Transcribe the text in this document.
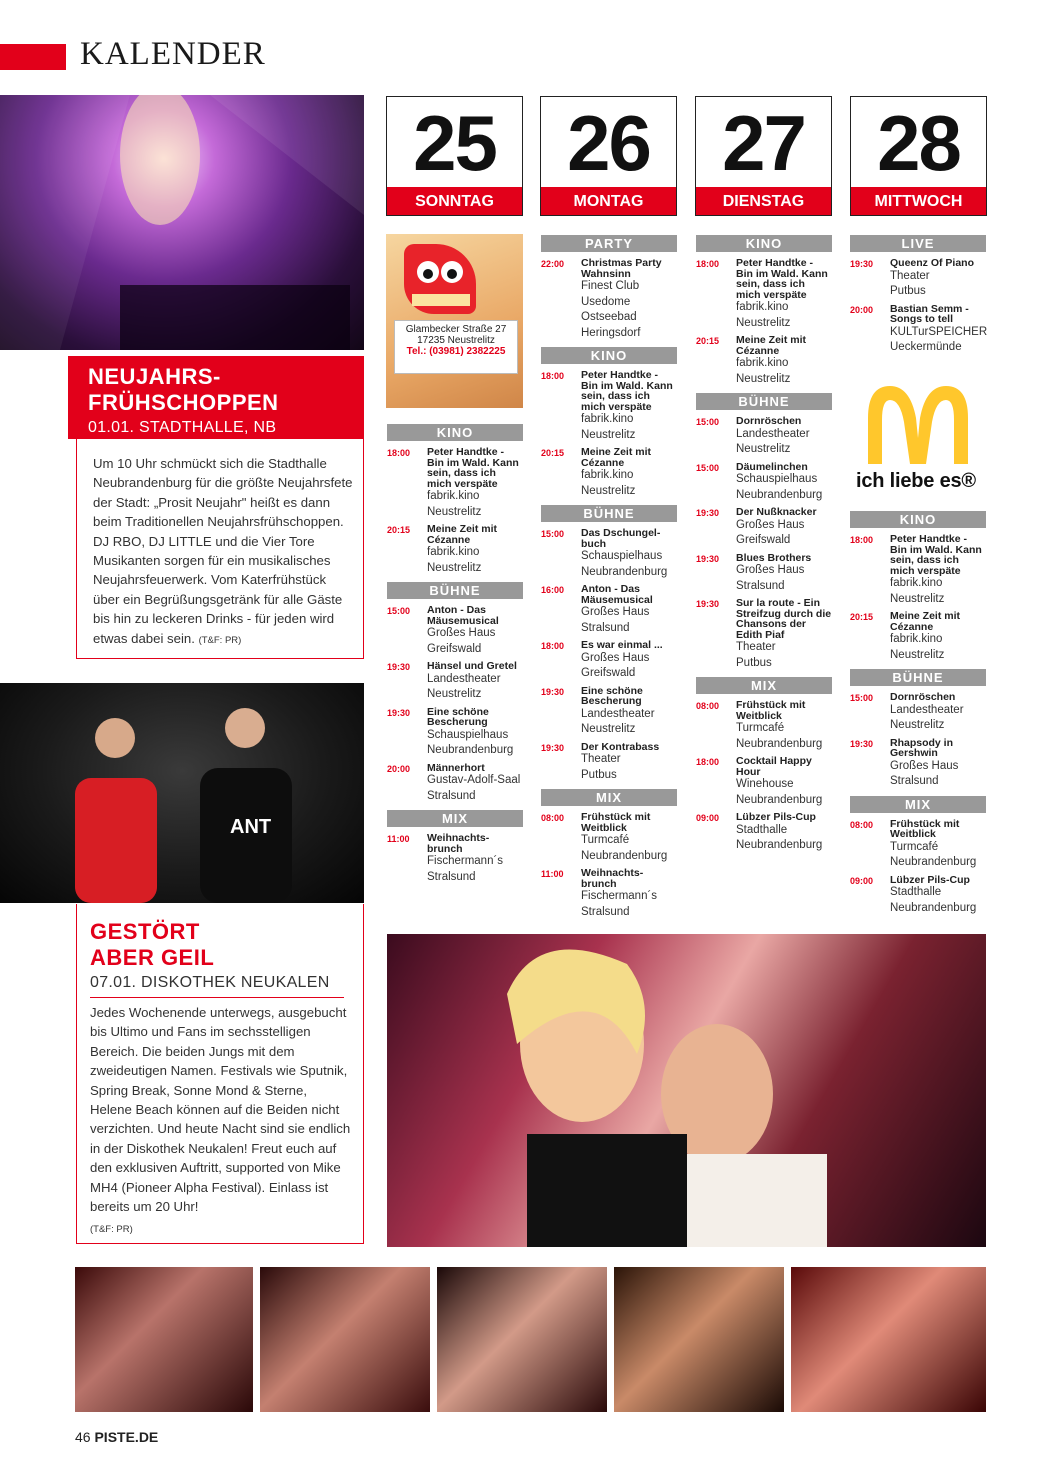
KALENDER
NEUJAHRS-
FRÜHSCHOPPEN
01.01. STADTHALLE, NB
Um 10 Uhr schmückt sich die Stadthalle Neubrandenburg für die größte Neujahrsfete der Stadt: „Prosit Neujahr" heißt es dann beim Traditionellen Neujahrsfrühschoppen. DJ RBO, DJ LITTLE und die Vier Tore Musikanten sorgen für ein musikalisches Neujahrsfeuerwerk. Vom Katerfrühstück über ein Begrüßungsgetränk für alle Gäste bis hin zu leckeren Drinks - für jeden wird etwas dabei sein. (T&F: PR)
ANT
GESTÖRT
ABER GEIL
07.01. DISKOTHEK NEUKALEN
Jedes Wochenende unterwegs, ausgebucht bis Ultimo und Fans im sechsstelligen Bereich. Die beiden Jungs mit dem zweideutigen Namen. Festivals wie Sputnik, Spring Break, Sonne Mond & Sterne, Helene Beach können auf die Beiden nicht verzichten. Und heute Nacht sind sie endlich in der Diskothek Neukalen! Freut euch auf den exklusiven Auftritt, supported von Mike MH4 (Pioneer Alpha Festival). Einlass ist bereits um 20 Uhr!
(T&F: PR)
25
SONNTAG
26
MONTAG
27
DIENSTAG
28
MITTWOCH
Glambecker Straße 27
17235 Neustrelitz
Tel.: (03981) 2382225
ich liebe es®
KINO
18:00 Peter Handtke - Bin im Wald. Kann sein, dass ich mich verspäte
fabrik.kino
Neustrelitz
20:15 Meine Zeit mit Cézanne
fabrik.kino
Neustrelitz
BÜHNE
15:00 Anton - Das Mäusemusical
Großes Haus
Greifswald
19:30 Hänsel und Gretel
Landestheater
Neustrelitz
19:30 Eine schöne Bescherung
Schauspielhaus
Neubrandenburg
20:00 Männerhort
Gustav-Adolf-Saal
Stralsund
MIX
11:00 Weihnachts-brunch
Fischermann´s
Stralsund
PARTY
22:00 Christmas Party Wahnsinn
Finest Club Usedome
Ostseebad Heringsdorf
KINO
18:00 Peter Handtke - Bin im Wald. Kann sein, dass ich mich verspäte
fabrik.kino
Neustrelitz
20:15 Meine Zeit mit Cézanne
fabrik.kino
Neustrelitz
BÜHNE
15:00 Das Dschungel-buch
Schauspielhaus
Neubrandenburg
16:00 Anton - Das Mäusemusical
Großes Haus
Stralsund
18:00 Es war einmal ...
Großes Haus
Greifswald
19:30 Eine schöne Bescherung
Landestheater
Neustrelitz
19:30 Der Kontrabass
Theater
Putbus
MIX
08:00 Frühstück mit Weitblick
Turmcafé
Neubrandenburg
11:00 Weihnachts-brunch
Fischermann´s
Stralsund
KINO
18:00 Peter Handtke - Bin im Wald. Kann sein, dass ich mich verspäte
fabrik.kino
Neustrelitz
20:15 Meine Zeit mit Cézanne
fabrik.kino
Neustrelitz
BÜHNE
15:00 Dornröschen
Landestheater
Neustrelitz
15:00 Däumelinchen
Schauspielhaus
Neubrandenburg
19:30 Der Nußknacker
Großes Haus
Greifswald
19:30 Blues Brothers
Großes Haus
Stralsund
19:30 Sur la route - Ein Streifzug durch die Chansons der Edith Piaf
Theater
Putbus
MIX
08:00 Frühstück mit Weitblick
Turmcafé
Neubrandenburg
18:00 Cocktail Happy Hour
Winehouse
Neubrandenburg
09:00 Lübzer Pils-Cup
Stadthalle
Neubrandenburg
LIVE
19:30 Queenz Of Piano
Theater
Putbus
20:00 Bastian Semm - Songs to tell
KULTurSPEICHER
Ueckermünde
KINO
18:00 Peter Handtke - Bin im Wald. Kann sein, dass ich mich verspäte
fabrik.kino
Neustrelitz
20:15 Meine Zeit mit Cézanne
fabrik.kino
Neustrelitz
BÜHNE
15:00 Dornröschen
Landestheater
Neustrelitz
19:30 Rhapsody in Gershwin
Großes Haus
Stralsund
MIX
08:00 Frühstück mit Weitblick
Turmcafé
Neubrandenburg
09:00 Lübzer Pils-Cup
Stadthalle
Neubrandenburg
46 PISTE.DE
